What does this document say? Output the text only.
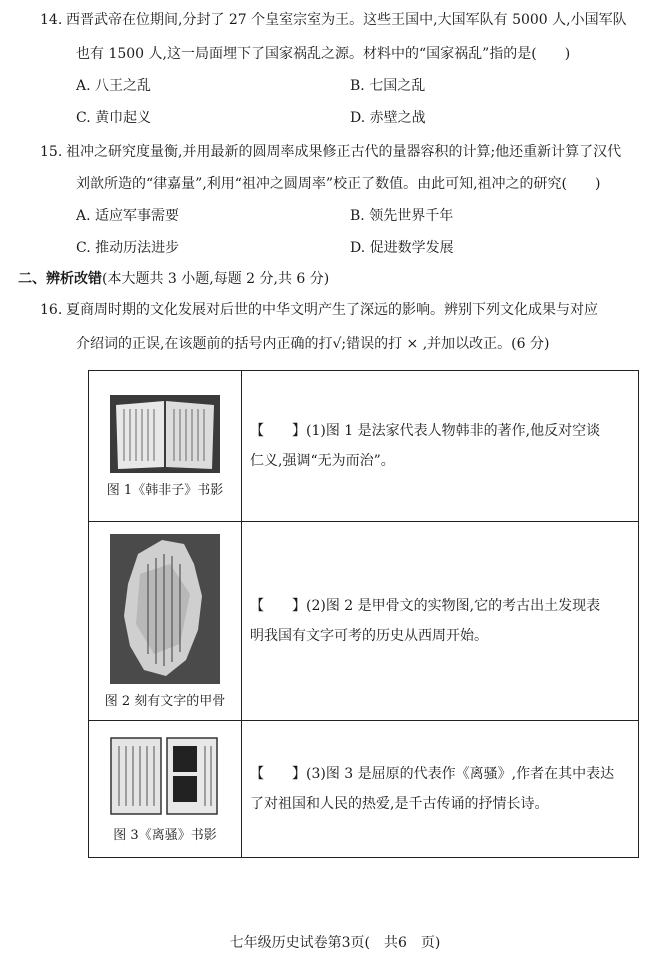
14. 西晋武帝在位期间,分封了 27 个皇室宗室为王。这些王国中,大国军队有 5000 人,小国军队
也有 1500 人,这一局面埋下了国家祸乱之源。材料中的“国家祸乱”指的是(　　)
A. 八王之乱	B. 七国之乱
C. 黄巾起义	D. 赤壁之战
15. 祖冲之研究度量衡,并用最新的圆周率成果修正古代的量器容积的计算;他还重新计算了汉代
刘歆所造的“律嘉量”,利用“祖冲之圆周率”校正了数值。由此可知,祖冲之的研究(　　)
A. 适应军事需要	B. 领先世界千年
C. 推动历法进步	D. 促进数学发展
二、辨析改错(本大题共 3 小题,每题 2 分,共 6 分)
16. 夏商周时期的文化发展对后世的中华文明产生了深远的影响。辨别下列文化成果与对应
介绍词的正误,在该题前的括号内正确的打√;错误的打 × ,并加以改正。(6 分)
图 1《韩非子》书影	【　　】(1)图 1 是法家代表人物韩非的著作,他反对空谈
仁义,强调“无为而治”。

图 2 刻有文字的甲骨	【　　】(2)图 2 是甲骨文的实物图,它的考古出土发现表
明我国有文字可考的历史从西周开始。

图 3《离骚》书影	【　　】(3)图 3 是屈原的代表作《离骚》,作者在其中表达
了对祖国和人民的热爱,是千古传诵的抒情长诗。
七年级历史试卷第3页(　共6　页)
